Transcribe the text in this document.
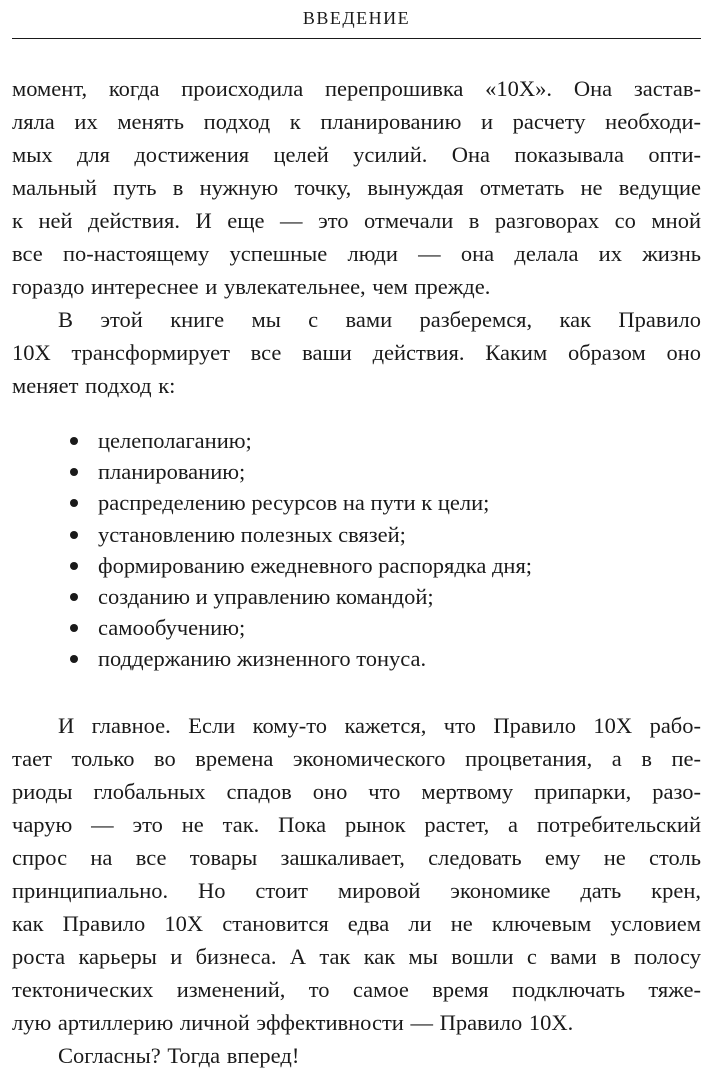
ВВЕДЕНИЕ
момент, когда происходила перепрошивка «10Х». Она застав-
ляла их менять подход к планированию и расчету необходи-
мых для достижения целей усилий. Она показывала опти-
мальный путь в нужную точку, вынуждая отметать не ведущие
к ней действия. И еще — это отмечали в разговорах со мной
все по-настоящему успешные люди — она делала их жизнь
гораздо интереснее и увлекательнее, чем прежде.
В этой книге мы с вами разберемся, как Правило
10Х трансформирует все ваши действия. Каким образом оно
меняет подход к:
целеполаганию;
планированию;
распределению ресурсов на пути к цели;
установлению полезных связей;
формированию ежедневного распорядка дня;
созданию и управлению командой;
самообучению;
поддержанию жизненного тонуса.
И главное. Если кому-то кажется, что Правило 10Х рабо-
тает только во времена экономического процветания, а в пе-
риоды глобальных спадов оно что мертвому припарки, разо-
чарую — это не так. Пока рынок растет, а потребительский
спрос на все товары зашкаливает, следовать ему не столь
принципиально. Но стоит мировой экономике дать крен,
как Правило 10Х становится едва ли не ключевым условием
роста карьеры и бизнеса. А так как мы вошли с вами в полосу
тектонических изменений, то самое время подключать тяже-
лую артиллерию личной эффективности — Правило 10Х.
Согласны? Тогда вперед!
